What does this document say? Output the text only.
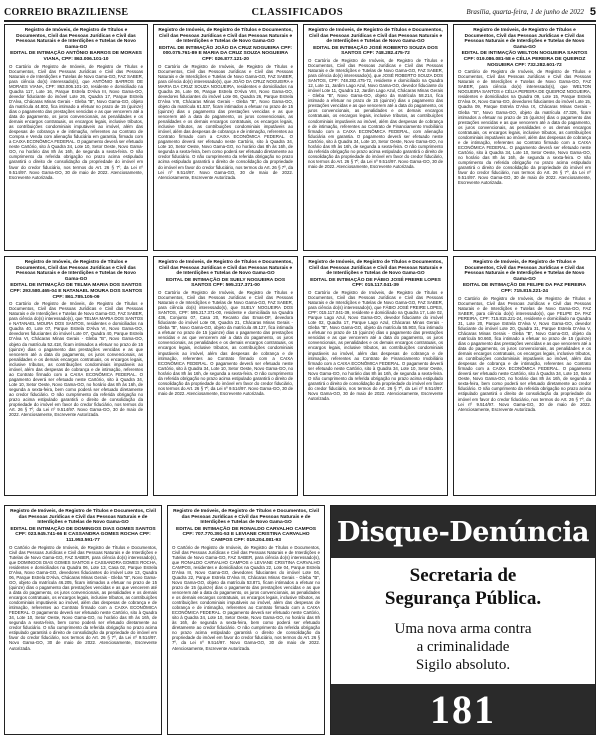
CORREIO BRAZILIENSE	CLASSIFICADOS	Brasília, quarta-feira, 1 de junho de 2022 5
Registro de Imóveis, de Registro de Títulos e Documentos, Civil das Pessoas Jurídicas e Civil das Pessoas Naturais e de Interdições e Tutelas de Novo Gama-GO
EDITAL DE INTIMAÇÃO ANTÔNIO BARROS DE MORAES VIANA, CPF: 863.006.101-10
O Cartório de Registro de Imóveis, de Registro de Títulos e Documentos, Civil das Pessoas Jurídicas e Civil das Pessoas Naturais e de Interdições e Tutelas de Novo Gama-GO, FAZ SABER, para ciência do(s) interessado(s), que ANTÔNIO BARROS DE MORAES VIANA, CPF: 863.006.101-10, residente e domiciliado na Quadra 117, Lote 16, Parque Estrela D'Alva III, Novo Gama-GO, devedor fiduciante do imóvel Lote 26, Quadra 17, Parque Estrela D'Alva, Chácaras Minas Gerais - Gleba "B", Novo Gama-GO, objeto da matrícula 44.802, fica intimado a efetuar no prazo de 15 (quinze) dias o pagamento das prestações vencidas e as que vencerem até a data do pagamento, os juros convencionais, as penalidades e os demais encargos contratuais, os encargos legais, inclusive tributos, as contribuições condominiais imputáveis ao imóvel, além das despesas de cobrança e de intimação, referentes ao Contrato de Compra e Venda com alienação fiduciária em garantia, firmado com a CAIXA ECONÔMICA FEDERAL. O pagamento deverá ser efetuado neste Cartório, sito à Quadra 34, Lote 10, Setor Oeste, Novo Gama-GO, no horário das 8h às 16h, de segunda a sexta-feira. O não cumprimento da referida obrigação no prazo acima estipulado garantirá o direito de consolidação da propriedade do imóvel em favor do credor fiduciário, nos termos do Art. 26 § 7º, da Lei nº 9.514/97. Novo Gama-GO, 30 de maio de 2022. Atenciosamente, Escrevente Autorizada.
Registro de Imóveis, de Registro de Títulos e Documentos, Civil das Pessoas Jurídicas e Civil das Pessoas Naturais e de Interdições e Tutelas de Novo Gama-GO
EDITAL DE INTIMAÇÃO JOÃO DA CRUZ NOGUEIRA CPF: 000.075.761-89 E MARIA DA CRUZ SOUZA NOGUEIRA CPF: 026.877.121-20
O Cartório de Registro de Imóveis, de Registro de Títulos e Documentos, Civil das Pessoas Jurídicas e Civil das Pessoas Naturais e de Interdições e Tutelas de Novo Gama-GO, FAZ SABER, para ciência do(s) interessado(s), que JOÃO DA CRUZ NOGUEIRA e MARIA DA CRUZ SOUZA NOGUEIRA, residentes e domiciliados na Quadra 26, Lote 06, Parque Estrela D'Alva VIII, Novo Gama-GO, devedores fiduciantes do imóvel Lote 06, Quadra 26, Parque Estrela D'Alva VIII, Chácaras Minas Gerais - Gleba "B", Novo Gama-GO, objeto da matrícula 61.537, ficam intimados a efetuar no prazo de 15 (quinze) dias o pagamento das prestações vencidas e as que vencerem até a data do pagamento, os juros convencionais, as penalidades e os demais encargos contratuais, os encargos legais, inclusive tributos, as contribuições condominiais imputáveis ao imóvel, além das despesas de cobrança e de intimação, referentes ao Contrato firmado com a CAIXA ECONÔMICA FEDERAL. O pagamento deverá ser efetuado neste Cartório, sito à Quadra 34, Lote 10, Setor Oeste, Novo Gama-GO, no horário das 8h às 16h, de segunda a sexta-feira, bem como poderá ser efetuado diretamente ao credor fiduciário. O não cumprimento da referida obrigação no prazo acima estipulado garantirá o direito de consolidação da propriedade do imóvel em favor do credor fiduciário, nos termos do Art. 26 § 7º, da Lei nº 9.514/97. Novo Gama-GO, 30 de maio de 2022. Atenciosamente, Escrevente Autorizada.
Registro de Imóveis, de Registro de Títulos e Documentos, Civil das Pessoas Jurídicas e Civil das Pessoas Naturais e de Interdições e Tutelas de Novo Gama-GO
EDITAL DE INTIMAÇÃO JOSÉ ROBERTO SOUZA DOS SANTOS CPF: 748.282.475-72
O Cartório de Registro de Imóveis, de Registro de Títulos e Documentos, Civil das Pessoas Jurídicas e Civil das Pessoas Naturais e de Interdições e Tutelas de Novo Gama-GO, FAZ SABER, para ciência do(s) interessado(s), que JOSÉ ROBERTO SOUZA DOS SANTOS, CPF: 748.282.475-72, residente e domiciliado na Quadra 12, Lote 11, Jardim Lago Azul, Novo Gama-GO, devedor fiduciante do imóvel Lote 11, Quadra 12, Jardim Lago Azul, Chácaras Minas Gerais - Gleba "B", Novo Gama-GO, objeto da matrícula 58.214, fica intimado a efetuar no prazo de 15 (quinze) dias o pagamento das prestações vencidas e as que vencerem até a data do pagamento, os juros convencionais, as penalidades e os demais encargos contratuais, os encargos legais, inclusive tributos, as contribuições condominiais imputáveis ao imóvel, além das despesas de cobrança e de intimação, referentes ao Contrato de Financiamento Imobiliário firmado com a CAIXA ECONÔMICA FEDERAL, com alienação fiduciária em garantia. O pagamento deverá ser efetuado neste Cartório, sito à Quadra 34, Lote 10, Setor Oeste, Novo Gama-GO, no horário das 8h às 16h, de segunda a sexta-feira. O não cumprimento da referida obrigação no prazo acima estipulado garantirá o direito de consolidação da propriedade do imóvel em favor do credor fiduciário, nos termos do Art. 26 § 7º, da Lei nº 9.514/97. Novo Gama-GO, 30 de maio de 2022. Atenciosamente, Escrevente Autorizada.
Registro de Imóveis, de Registro de Títulos e Documentos, Civil das Pessoas Jurídicas e Civil das Pessoas Naturais e de Interdições e Tutelas de Novo Gama-GO
EDITAL DE INTIMAÇÃO WELTON NOGUEIRA SANTOS CPF: 019.086.081-58 e CÉLIA PEREIRA DE QUEIROZ NOGUEIRA CPF: 732.282.601-72
O Cartório de Registro de Imóveis, de Registro de Títulos e Documentos, Civil das Pessoas Jurídicas e Civil das Pessoas Naturais e de Interdições e Tutelas de Novo Gama-GO, FAZ SABER, para ciência do(s) interessado(s), que WELTON NOGUEIRA SANTOS e CÉLIA PEREIRA DE QUEIROZ NOGUEIRA, residentes e domiciliados na Quadra 09, Lote 15, Parque Estrela D'Alva IX, Novo Gama-GO, devedores fiduciantes do imóvel Lote 15, Quadra 09, Parque Estrela D'Alva IX, Chácaras Minas Gerais - Gleba "B", Novo Gama-GO, objeto da matrícula 47.326, ficam intimados a efetuar no prazo de 15 (quinze) dias o pagamento das prestações vencidas e as que vencerem até a data do pagamento, os juros convencionais, as penalidades e os demais encargos contratuais, os encargos legais, inclusive tributos, as contribuições condominiais imputáveis ao imóvel, além das despesas de cobrança e de intimação, referentes ao Contrato firmado com a CAIXA ECONÔMICA FEDERAL. O pagamento deverá ser efetuado neste Cartório, sito à Quadra 34, Lote 10, Setor Oeste, Novo Gama-GO, no horário das 8h às 16h, de segunda a sexta-feira. O não cumprimento da referida obrigação no prazo acima estipulado garantirá o direito de consolidação da propriedade do imóvel em favor do credor fiduciário, nos termos do Art. 26 § 7º, da Lei nº 9.514/97. Novo Gama-GO, 30 de maio de 2022. Atenciosamente, Escrevente Autorizada.
Registro de Imóveis, de Registro de Títulos e Documentos, Civil das Pessoas Jurídicas e Civil das Pessoas Naturais e de Interdições e Tutelas de Novo Gama-GO
EDITAL DE INTIMAÇÃO DE TELMA MARIA DOS SANTOS CPF: 293.580.465-04 E NATANAEL MOURA DOS SANTOS CPF: 861.785.105-09
O Cartório de Registro de Imóveis, de Registro de Títulos e Documentos, Civil das Pessoas Jurídicas e Civil das Pessoas Naturais e de Interdições e Tutelas de Novo Gama-GO, FAZ SABER, para ciência do(s) interessado(s), que TELMA MARIA DOS SANTOS e NATANAEL MOURA DOS SANTOS, residentes e domiciliados na Quadra 40, Lote 07, Parque Estrela D'Alva VI, Novo Gama-GO, devedores fiduciantes do imóvel Lote 07, Quadra 40, Parque Estrela D'Alva VI, Chácaras Minas Gerais - Gleba "B", Novo Gama-GO, objeto da matrícula 52.418, ficam intimados a efetuar no prazo de 15 (quinze) dias o pagamento das prestações vencidas e as que vencerem até a data do pagamento, os juros convencionais, as penalidades e os demais encargos contratuais, os encargos legais, inclusive tributos, as contribuições condominiais imputáveis ao imóvel, além das despesas de cobrança e de intimação, referentes ao Contrato firmado com a CAIXA ECONÔMICA FEDERAL. O pagamento deverá ser efetuado neste Cartório, sito à Quadra 34, Lote 10, Setor Oeste, Novo Gama-GO, no horário das 8h às 16h, de segunda a sexta-feira, bem como poderá ser efetuado diretamente ao credor fiduciário. O não cumprimento da referida obrigação no prazo acima estipulado garantirá o direito de consolidação da propriedade do imóvel em favor do credor fiduciário, nos termos do Art. 26 § 7º, da Lei nº 9.514/97. Novo Gama-GO, 30 de maio de 2022. Atenciosamente, Escrevente Autorizada.
Registro de Imóveis, de Registro de Títulos e Documentos, Civil das Pessoas Jurídicas e Civil das Pessoas Naturais e de Interdições e Tutelas de Novo Gama-GO
EDITAL DE INTIMAÇÃO DE SUELY NOGUEIRA DOS SANTOS CPF: 595.217.371-00
O Cartório de Registro de Imóveis, de Registro de Títulos e Documentos, Civil das Pessoas Jurídicas e Civil das Pessoas Naturais e de Interdições e Tutelas de Novo Gama-GO, FAZ SABER, para ciência do(s) interessado(s), que SUELY NOGUEIRA DOS SANTOS, CPF: 595.217.371-00, residente e domiciliada na Quadra 436, Conjunto 07, Casa 20, Recanto das Emas-DF, devedora fiduciante do imóvel Lote 08, Quadra 21, Chácaras Minas Gerais - Gleba "B", Novo Gama-GO, objeto da matrícula 49.127, fica intimada a efetuar no prazo de 15 (quinze) dias o pagamento das prestações vencidas e as que vencerem até a data do pagamento, os juros convencionais, as penalidades e os demais encargos contratuais, os encargos legais, inclusive tributos, as contribuições condominiais imputáveis ao imóvel, além das despesas de cobrança e de intimação, referentes ao Contrato firmado com a CAIXA ECONÔMICA FEDERAL. O pagamento deverá ser efetuado neste Cartório, sito à Quadra 34, Lote 10, Setor Oeste, Novo Gama-GO, no horário das 8h às 16h, de segunda a sexta-feira. O não cumprimento da referida obrigação no prazo acima estipulado garantirá o direito de consolidação da propriedade do imóvel em favor do credor fiduciário, nos termos do Art. 26 § 7º, da Lei nº 9.514/97. Novo Gama-GO, 30 de maio de 2022. Atenciosamente, Escrevente Autorizada.
Registro de Imóveis, de Registro de Títulos e Documentos, Civil das Pessoas Jurídicas e Civil das Pessoas Naturais e de Interdições e Tutelas de Novo Gama-GO
EDITAL DE INTIMAÇÃO DE FÁBIO JOSÉ FREIRE LOPES CPF: 015.117.041-39
O Cartório de Registro de Imóveis, de Registro de Títulos e Documentos, Civil das Pessoas Jurídicas e Civil das Pessoas Naturais e de Interdições e Tutelas de Novo Gama-GO, FAZ SABER, para ciência do(s) interessado(s), que FÁBIO JOSÉ FREIRE LOPES, CPF: 015.117.041-39, residente e domiciliado na Quadra 17, Lote 02, Parque Lago Azul, Novo Gama-GO, devedor fiduciante do imóvel Lote 02, Quadra 17, Parque Lago Azul, Chácaras Minas Gerais - Gleba "B", Novo Gama-GO, objeto da matrícula 55.903, fica intimado a efetuar no prazo de 15 (quinze) dias o pagamento das prestações vencidas e as que vencerem até a data do pagamento, os juros convencionais, as penalidades e os demais encargos contratuais, os encargos legais, inclusive tributos, as contribuições condominiais imputáveis ao imóvel, além das despesas de cobrança e de intimação, referentes ao Contrato de Financiamento Imobiliário firmado com a CAIXA ECONÔMICA FEDERAL. O pagamento deverá ser efetuado neste Cartório, sito à Quadra 34, Lote 10, Setor Oeste, Novo Gama-GO, no horário das 8h às 16h, de segunda a sexta-feira. O não cumprimento da referida obrigação no prazo acima estipulado garantirá o direito de consolidação da propriedade do imóvel em favor do credor fiduciário, nos termos do Art. 26 § 7º, da Lei nº 9.514/97. Novo Gama-GO, 30 de maio de 2022. Atenciosamente, Escrevente Autorizada.
Registro de Imóveis, de Registro de Títulos e Documentos, Civil das Pessoas Jurídicas e Civil das Pessoas Naturais e de Interdições e Tutelas de Novo Gama-GO
EDITAL DE INTIMAÇÃO DE FELIPE DA PAZ PEREIRA CPF: 715.815.221-24
O Cartório de Registro de Imóveis, de Registro de Títulos e Documentos, Civil das Pessoas Jurídicas e Civil das Pessoas Naturais e de Interdições e Tutelas de Novo Gama-GO, FAZ SABER, para ciência do(s) interessado(s), que FELIPE DA PAZ PEREIRA, CPF: 715.815.221-24, residente e domiciliado na Quadra 31, Lote 20, Parque Estrela D'Alva V, Novo Gama-GO, devedor fiduciante do imóvel Lote 20, Quadra 31, Parque Estrela D'Alva V, Chácaras Minas Gerais - Gleba "B", Novo Gama-GO, objeto da matrícula 50.660, fica intimado a efetuar no prazo de 15 (quinze) dias o pagamento das prestações vencidas e as que vencerem até a data do pagamento, os juros convencionais, as penalidades e os demais encargos contratuais, os encargos legais, inclusive tributos, as contribuições condominiais imputáveis ao imóvel, além das despesas de cobrança e de intimação, referentes ao Contrato firmado com a CAIXA ECONÔMICA FEDERAL. O pagamento deverá ser efetuado neste Cartório, sito à Quadra 34, Lote 10, Setor Oeste, Novo Gama-GO, no horário das 8h às 16h, de segunda a sexta-feira, bem como poderá ser efetuado diretamente ao credor fiduciário. O não cumprimento da referida obrigação no prazo acima estipulado garantirá o direito de consolidação da propriedade do imóvel em favor do credor fiduciário, nos termos do Art. 26 § 7º, da Lei nº 9.514/97. Novo Gama-GO, 30 de maio de 2022. Atenciosamente, Escrevente Autorizada.
Registro de Imóveis, de Registro de Títulos e Documentos, Civil das Pessoas Jurídicas e Civil das Pessoas Naturais e de Interdições e Tutelas de Novo Gama-GO
EDITAL DE INTIMAÇÃO DE DOMINGOS DIAS GOMES SANTOS CPF: 023.945.741-66 E CASSANDRA GOMES ROCHA CPF: 111.953.591-77
O Cartório de Registro de Imóveis, de Registro de Títulos e Documentos, Civil das Pessoas Jurídicas e Civil das Pessoas Naturais e de Interdições e Tutelas de Novo Gama-GO, FAZ SABER, para ciência do(s) interessado(s), que DOMINGOS DIAS GOMES SANTOS e CASSANDRA GOMES ROCHA, residentes e domiciliados na Quadra 06, Lote 13, Casa 02, Parque Estrela D'Alva, Novo Gama-GO, devedores fiduciantes do imóvel Lote 13, Quadra 06, Parque Estrela D'Alva, Chácaras Minas Gerais - Gleba "B", Novo Gama-GO, objeto da matrícula 46.205, ficam intimados a efetuar no prazo de 15 (quinze) dias o pagamento das prestações vencidas e as que vencerem até a data do pagamento, os juros convencionais, as penalidades e os demais encargos contratuais, os encargos legais, inclusive tributos, as contribuições condominiais imputáveis ao imóvel, além das despesas de cobrança e de intimação, referentes ao Contrato firmado com a CAIXA ECONÔMICA FEDERAL. O pagamento deverá ser efetuado neste Cartório, sito à Quadra 34, Lote 10, Setor Oeste, Novo Gama-GO, no horário das 8h às 16h, de segunda a sexta-feira, bem como poderá ser efetuado diretamente ao credor fiduciário. O não cumprimento da referida obrigação no prazo acima estipulado garantirá o direito de consolidação da propriedade do imóvel em favor do credor fiduciário, nos termos do Art. 26 § 7º, da Lei nº 9.514/97. Novo Gama-GO, 30 de maio de 2022. Atenciosamente, Escrevente Autorizada.
Registro de Imóveis, de Registro de Títulos e Documentos, Civil das Pessoas Jurídicas e Civil das Pessoas Naturais e de Interdições e Tutelas de Novo Gama-GO
EDITAL DE INTIMAÇÃO DE RONALDO CARVALHO CAMPOS CPF: 707.770.391-53 E LEVIANE CRISTINA CARVALHO CAMPOS CPF: 019.204.081-93
O Cartório de Registro de Imóveis, de Registro de Títulos e Documentos, Civil das Pessoas Jurídicas e Civil das Pessoas Naturais e de Interdições e Tutelas de Novo Gama-GO, FAZ SABER, para ciência do(s) interessado(s), que RONALDO CARVALHO CAMPOS e LEVIANE CRISTINA CARVALHO CAMPOS, residentes e domiciliados na Quadra 22, Lote 04, Parque Estrela D'Alva III, Novo Gama-GO, devedores fiduciantes do imóvel Lote 04, Quadra 22, Parque Estrela D'Alva III, Chácaras Minas Gerais - Gleba "B", Novo Gama-GO, objeto da matrícula 53.871, ficam intimados a efetuar no prazo de 15 (quinze) dias o pagamento das prestações vencidas e as que vencerem até a data do pagamento, os juros convencionais, as penalidades e os demais encargos contratuais, os encargos legais, inclusive tributos, as contribuições condominiais imputáveis ao imóvel, além das despesas de cobrança e de intimação, referentes ao Contrato firmado com a CAIXA ECONÔMICA FEDERAL. O pagamento deverá ser efetuado neste Cartório, sito à Quadra 34, Lote 10, Setor Oeste, Novo Gama-GO, no horário das 8h às 16h, de segunda a sexta-feira, bem como poderá ser efetuado diretamente ao credor fiduciário. O não cumprimento da referida obrigação no prazo acima estipulado garantirá o direito de consolidação da propriedade do imóvel em favor do credor fiduciário, nos termos do Art. 26 § 7º, da Lei nº 9.514/97. Novo Gama-GO, 30 de maio de 2022. Atenciosamente, Escrevente Autorizada.
Disque-Denúncia
Secretaria de
Segurança Pública.
Uma nova arma contra
a criminalidade
Sigilo absoluto.
181
